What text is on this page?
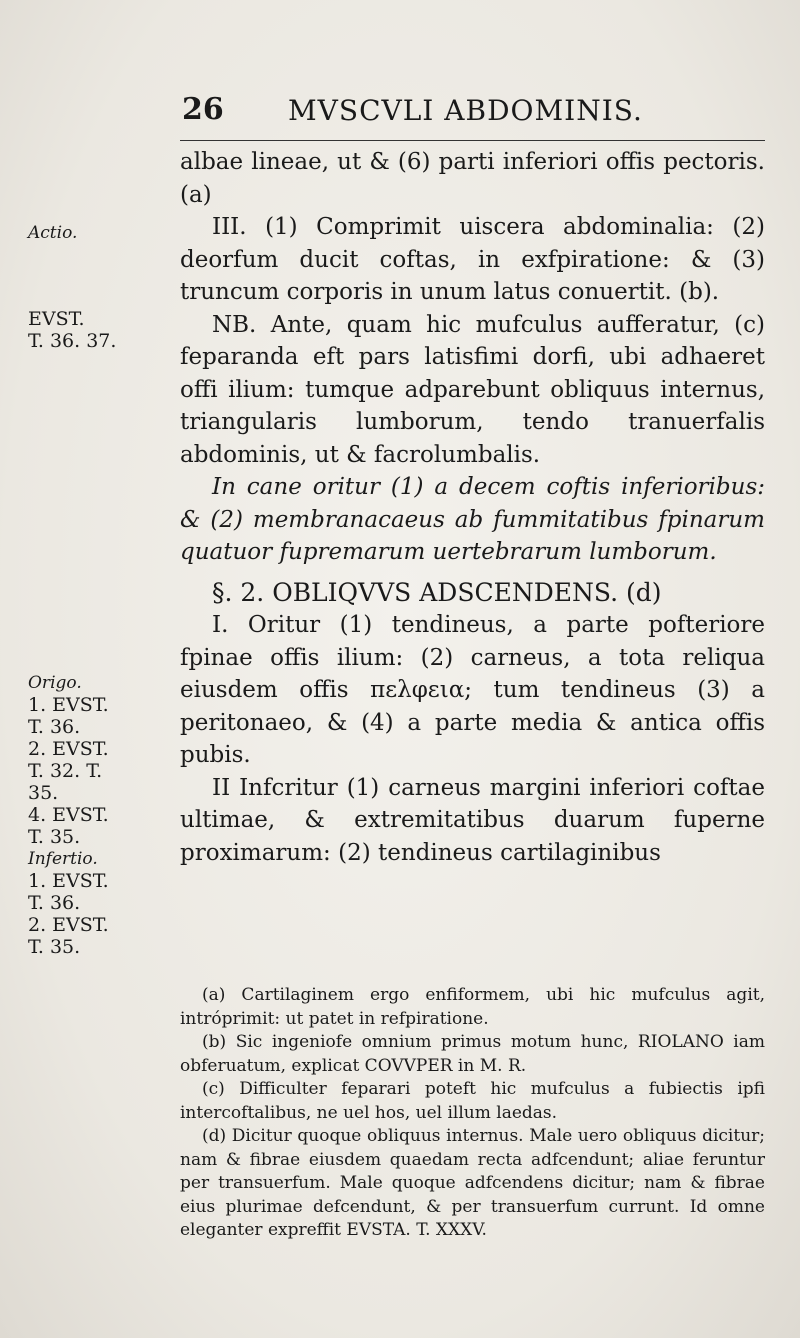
26 MVSCVLI ABDOMINIS.
Actio.
EVST.
T. 36. 37.
Origo.
1. EVST.
T. 36.
2. EVST.
T. 32. T.
35.
4. EVST.
T. 35.
Infertio.
1. EVST.
T. 36.
2. EVST.
T. 35.

albae lineae, ut & (6) parti inferiori offis pectoris. (a)

III. (1) Comprimit uiscera abdominalia: (2) deorfum ducit coftas, in exfpiratione: & (3) truncum corporis in unum latus conuertit. (b).

NB. Ante, quam hic mufculus aufferatur, (c) feparanda eft pars latisfimi dorfi, ubi adhaeret offi ilium: tumque adparebunt obliquus internus, triangularis lumborum, tendo tranuerfalis abdominis, ut & facrolumbalis.

In cane oritur (1) a decem coftis inferioribus: & (2) membranacaeus ab fummitatibus fpinarum quatuor fupremarum uertebrarum lumborum.

§. 2. OBLIQVVS ADSCENDENS. (d)

I. Oritur (1) tendineus, a parte pofteriore fpinae offis ilium: (2) carneus, a tota reliqua eiusdem offis πελφεια; tum tendineus (3) a peritonaeo, & (4) a parte media & antica offis pubis.

II Infcritur (1) carneus margini inferiori coftae ultimae, & extremitatibus duarum fuperne proximarum: (2) tendineus cartilaginibus

(a) Cartilaginem ergo enfiformem, ubi hic mufculus agit, intróprimit: ut patet in refpiratione.

(b) Sic ingeniofe omnium primus motum hunc, RIOLANO iam obferuatum, explicat COVVPER in M. R.

(c) Difficulter feparari poteft hic mufculus a fubiectis ipfi intercoftalibus, ne uel hos, uel illum laedas.

(d) Dicitur quoque obliquus internus. Male uero obliquus dicitur; nam & fibrae eiusdem quaedam recta adfcendunt; aliae feruntur per transuerfum. Male quoque adfcendens dicitur; nam & fibrae eius plurimae defcendunt, & per transuerfum currunt. Id omne eleganter expreffit EVSTA. T. XXXV.
